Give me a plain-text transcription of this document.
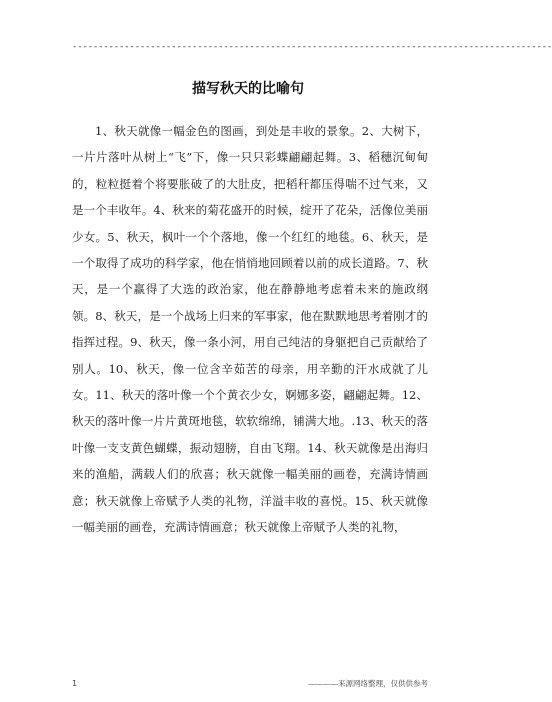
--------------------------------------------------------------------------------------------
描写秋天的比喻句

1、秋天就像一幅金色的图画，到处是丰收的景象。2、大树下，一片片落叶从树上“飞”下，像一只只彩蝶翩翩起舞。3、稻穗沉甸甸的，粒粒挺着个将要胀破了的大肚皮，把稻秆都压得喘不过气来，又是一个丰收年。4、秋来的菊花盛开的时候，绽开了花朵，活像位美丽少女。5、秋天，枫叶一个个落地，像一个红红的地毯。6、秋天，是一个取得了成功的科学家，他在悄悄地回顾着以前的成长道路。7、秋天，是一个赢得了大选的政治家，他在静静地考虑着未来的施政纲领。8、秋天，是一个战场上归来的军事家，他在默默地思考着刚才的指挥过程。9、秋天，像一条小河，用自己纯洁的身躯把自己贡献给了别人。10、秋天，像一位含辛茹苦的母亲，用辛勤的汗水成就了儿女。11、秋天的落叶像一个个黄衣少女，婀娜多姿，翩翩起舞。12、秋天的落叶像一片片黄斑地毯，软软绵绵，铺满大地。.13、秋天的落叶像一支支黄色蝴蝶，振动翅膀，自由飞翔。14、秋天就像是出海归来的渔船，满载人们的欣喜；秋天就像一幅美丽的画卷，充满诗情画意；秋天就像上帝赋予人类的礼物，洋溢丰收的喜悦。15、秋天就像一幅美丽的画卷，充满诗情画意；秋天就像上帝赋予人类的礼物，

1	————来源网络整理，仅供供参考
